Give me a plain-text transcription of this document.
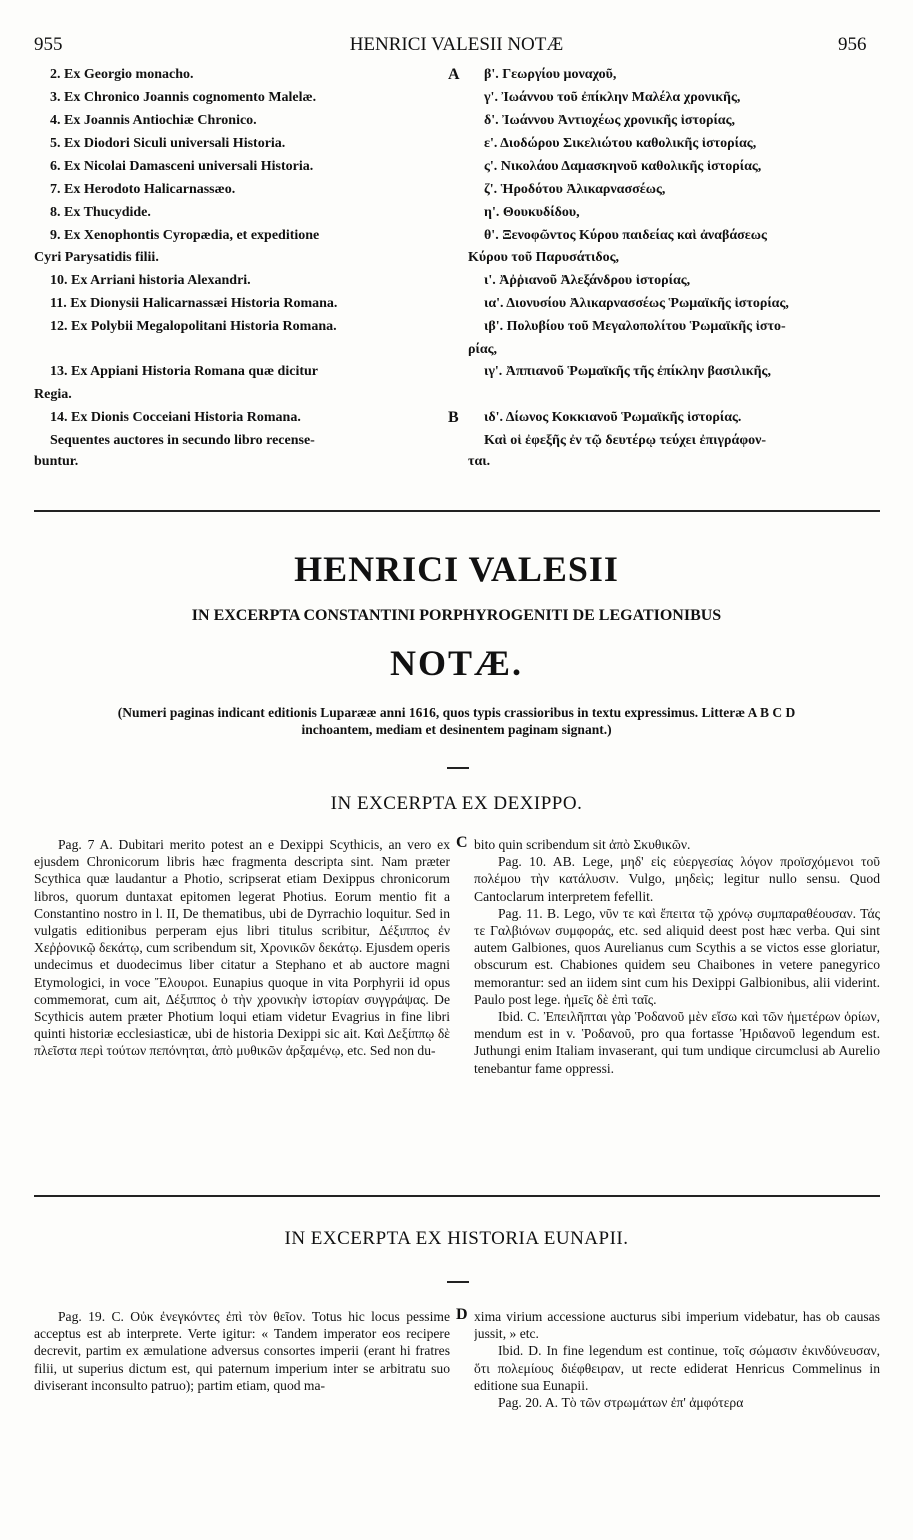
955	HENRICI VALESII NOTÆ	956
2. Ex Georgio monacho.
3. Ex Chronico Joannis cognomento Malelæ.
4. Ex Joannis Antiochiæ Chronico.
5. Ex Diodori Siculi universali Historia.
6. Ex Nicolai Damasceni universali Historia.
7. Ex Herodoto Halicarnassæo.
8. Ex Thucydide.
9. Ex Xenophontis Cyropædia, et expeditione
Cyri Parysatidis filii.
10. Ex Arriani historia Alexandri.
11. Ex Dionysii Halicarnassæi Historia Romana.
12. Ex Polybii Megalopolitani Historia Romana.
13. Ex Appiani Historia Romana quæ dicitur
Regia.
14. Ex Dionis Cocceiani Historia Romana.
Sequentes auctores in secundo libro recense-
buntur.
A
B
β'. Γεωργίου μοναχοῦ,
γ'. Ἰωάννου τοῦ ἐπίκλην Μαλέλα χρονικῆς,
δ'. Ἰωάννου Ἀντιοχέως χρονικῆς ἱστορίας,
ε'. Διοδώρου Σικελιώτου καθολικῆς ἱστορίας,
ς'. Νικολάου Δαμασκηνοῦ καθολικῆς ἱστορίας,
ζ'. Ἡροδότου Ἀλικαρνασσέως,
η'. Θουκυδίδου,
θ'. Ξενοφῶντος Κύρου παιδείας καὶ ἀναβάσεως
Κύρου τοῦ Παρυσάτιδος,
ι'. Ἀῤῥιανοῦ Ἀλεξάνδρου ἱστορίας,
ια'. Διονυσίου Ἀλικαρνασσέως Ῥωμαϊκῆς ἱστορίας,
ιβ'. Πολυβίου τοῦ Μεγαλοπολίτου Ῥωμαϊκῆς ἱστο-
ρίας,
ιγ'. Ἀππιανοῦ Ῥωμαϊκῆς τῆς ἐπίκλην βασιλικῆς,
ιδ'. Δίωνος Κοκκιανοῦ Ῥωμαϊκῆς ἱστορίας.
Καὶ οἱ ἐφεξῆς ἐν τῷ δευτέρῳ τεύχει ἐπιγράφον-
ται.
HENRICI VALESII
IN EXCERPTA CONSTANTINI PORPHYROGENITI DE LEGATIONIBUS
NOTÆ.
(Numeri paginas indicant editionis Luparææ anni 1616, quos typis crassioribus in textu expressimus. Litteræ A B C D
inchoantem, mediam et desinentem paginam signant.)
IN EXCERPTA EX DEXIPPO.

Pag. 7 A. Dubitari merito potest an e Dexippi Scythicis, an vero ex ejusdem Chronicorum libris hæc fragmenta descripta sint. Nam præter Scythica quæ laudantur a Photio, scripserat etiam Dexippus chronicorum libros, quorum duntaxat epitomen legerat Photius. Eorum mentio fit a Constantino nostro in l. II, De thematibus, ubi de Dyrrachio loquitur. Sed in vulgatis editionibus perperam ejus libri titulus scribitur, Δέξιππος ἐν Χεῤῥονικῷ δεκάτῳ, cum scribendum sit, Χρονικῶν δεκάτῳ. Ejusdem operis undecimus et duodecimus liber citatur a Stephano et ab auctore magni Etymologici, in voce Ἔλουροι. Eunapius quoque in vita Porphyrii id opus commemorat, cum ait, Δέξιππος ὁ τὴν χρονικὴν ἱστορίαν συγγράψας. De Scythicis autem præter Photium loqui etiam videtur Evagrius in fine libri quinti historiæ ecclesiasticæ, ubi de historia Dexippi sic ait. Καὶ Δεξίππῳ δὲ πλεῖστα περὶ τούτων πεπόνηται, ἀπὸ μυθικῶν ἀρξαμένῳ, etc. Sed non du-

C bito quin scribendum sit ἀπὸ Σκυθικῶν.

Pag. 10. AB. Lege, μηδ' εἰς εὐεργεσίας λόγον προϊσχόμενοι τοῦ πολέμου τὴν κατάλυσιν. Vulgo, μηδεὶς; legitur nullo sensu. Quod Cantoclarum interpretem fefellit.

Pag. 11. B. Lego, νῦν τε καὶ ἔπειτα τῷ χρόνῳ συμπαραθέουσαν. Τάς τε Γαλβιόνων συμφοράς, etc. sed aliquid deest post hæc verba. Qui sint autem Galbiones, quos Aurelianus cum Scythis a se victos esse gloriatur, obscurum est. Chabiones quidem seu Chaibones in vetere panegyrico memorantur: sed an iidem sint cum his Dexippi Galbionibus, alii viderint. Paulo post lege. ἡμεῖς δὲ ἐπὶ ταῖς.

Ibid. C. Ἐπειλῆπται γὰρ Ῥοδανοῦ μὲν εἴσω καὶ τῶν ἡμετέρων ὁρίων, mendum est in v. Ῥοδανοῦ, pro qua fortasse Ἠριδανοῦ legendum est. Juthungi enim Italiam invaserant, qui tum undique circumclusi ab Aurelio tenebantur fame oppressi.

IN EXCERPTA EX HISTORIA EUNAPII.

Pag. 19. C. Οὐκ ἐνεγκόντες ἐπὶ τὸν θεῖον. Totus hic locus pessime acceptus est ab interprete. Verte igitur: « Tandem imperator eos recipere decrevit, partim ex æmulatione adversus consortes imperii (erant hi fratres filii, ut superius dictum est, qui paternum imperium inter se arbitratu suo diviserant inconsulto patruo); partim etiam, quod ma-

D xima virium accessione aucturus sibi imperium videbatur, has ob causas jussit, » etc.

Ibid. D. In fine legendum est continue, τοῖς σώμασιν ἐκινδύνευσαν, ὅτι πολεμίους διέφθειραν, ut recte ediderat Henricus Commelinus in editione sua Eunapii.

Pag. 20. A. Τὸ τῶν στρωμάτων ἐπ' ἀμφότερα
